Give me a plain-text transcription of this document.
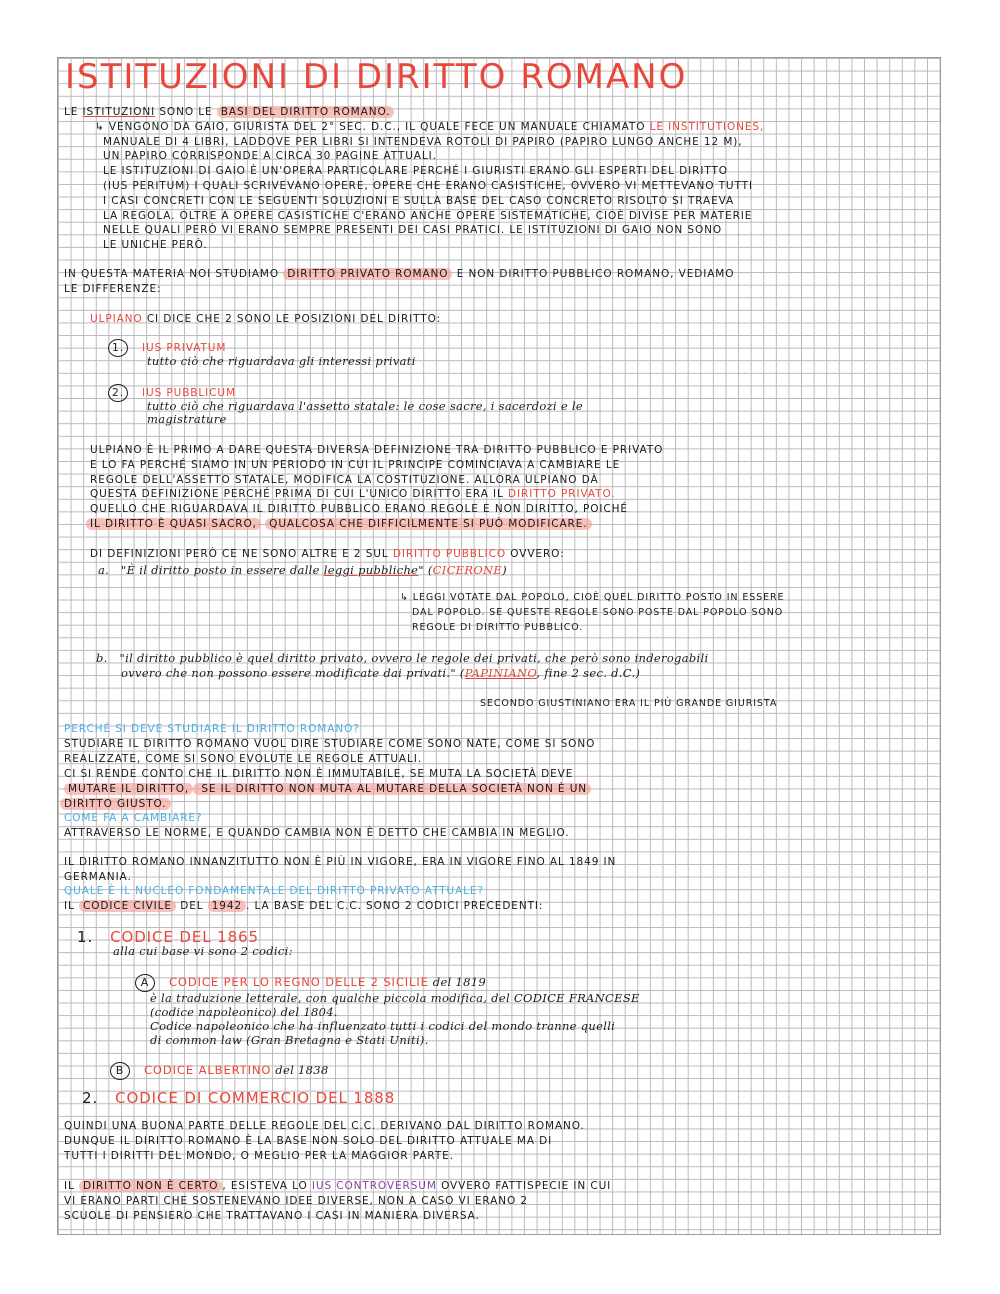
ISTITUZIONI DI DIRITTO ROMANO
LE ISTITUZIONI SONO LE BASI DEL DIRITTO ROMANO.
↳ VENGONO DA GAIO, GIURISTA DEL 2° SEC. D.C., IL QUALE FECE UN MANUALE CHIAMATO LE INSTITUTIONES,
MANUALE DI 4 LIBRI, LADDOVE PER LIBRI SI INTENDEVA ROTOLI DI PAPIRO (PAPIRO LUNGO ANCHE 12 M),
UN PAPIRO CORRISPONDE A CIRCA 30 PAGINE ATTUALI.
LE ISTITUZIONI DI GAIO È UN'OPERA PARTICOLARE PERCHÉ I GIURISTI ERANO GLI ESPERTI DEL DIRITTO
(IUS PERITUM) I QUALI SCRIVEVANO OPERE, OPERE CHE ERANO CASISTICHE, OVVERO VI METTEVANO TUTTI
I CASI CONCRETI CON LE SEGUENTI SOLUZIONI E SULLA BASE DEL CASO CONCRETO RISOLTO SI TRAEVA
LA REGOLA. OLTRE A OPERE CASISTICHE C'ERANO ANCHE OPERE SISTEMATICHE, CIOÈ DIVISE PER MATERIE
NELLE QUALI PERÒ VI ERANO SEMPRE PRESENTI DEI CASI PRATICI. LE ISTITUZIONI DI GAIO NON SONO
LE UNICHE PERÒ.
IN QUESTA MATERIA NOI STUDIAMO DIRITTO PRIVATO ROMANO E NON DIRITTO PUBBLICO ROMANO, VEDIAMO
LE DIFFERENZE:
ULPIANO CI DICE CHE 2 SONO LE POSIZIONI DEL DIRITTO:
1. IUS PRIVATUM
tutto ciò che riguardava gli interessi privati
2. IUS PUBBLICUM
tutto ciò che riguardava l'assetto statale: le cose sacre, i sacerdozi e le
magistrature
ULPIANO È IL PRIMO A DARE QUESTA DIVERSA DEFINIZIONE TRA DIRITTO PUBBLICO E PRIVATO
E LO FA PERCHÉ SIAMO IN UN PERIODO IN CUI IL PRINCIPE COMINCIAVA A CAMBIARE LE
REGOLE DELL'ASSETTO STATALE, MODIFICA LA COSTITUZIONE. ALLORA ULPIANO DÀ
QUESTA DEFINIZIONE PERCHÉ PRIMA DI CUI L'UNICO DIRITTO ERA IL DIRITTO PRIVATO.
QUELLO CHE RIGUARDAVA IL DIRITTO PUBBLICO ERANO REGOLE E NON DIRITTO, POICHÉ
IL DIRITTO È QUASI SACRO, QUALCOSA CHE DIFFICILMENTE SI PUÒ MODIFICARE.
DI DEFINIZIONI PERÒ CE NE SONO ALTRE E 2 SUL DIRITTO PUBBLICO OVVERO:
a. "È il diritto posto in essere dalle leggi pubbliche" (CICERONE)
↳ LEGGI VOTATE DAL POPOLO, CIOÈ QUEL DIRITTO POSTO IN ESSERE
DAL POPOLO. SE QUESTE REGOLE SONO POSTE DAL POPOLO SONO
REGOLE DI DIRITTO PUBBLICO.
b. "il diritto pubblico è quel diritto privato, ovvero le regole dei privati, che però sono inderogabili
ovvero che non possono essere modificate dai privati." (PAPINIANO, fine 2 sec. d.C.)
SECONDO GIUSTINIANO ERA IL PIÙ GRANDE GIURISTA
PERCHÉ SI DEVE STUDIARE IL DIRITTO ROMANO?
STUDIARE IL DIRITTO ROMANO VUOL DIRE STUDIARE COME SONO NATE, COME SI SONO
REALIZZATE, COME SI SONO EVOLUTE LE REGOLE ATTUALI.
CI SI RENDE CONTO CHE IL DIRITTO NON È IMMUTABILE, SE MUTA LA SOCIETÀ DEVE
MUTARE IL DIRITTO, SE IL DIRITTO NON MUTA AL MUTARE DELLA SOCIETÀ NON È UN
DIRITTO GIUSTO.
COME FA A CAMBIARE?
ATTRAVERSO LE NORME, E QUANDO CAMBIA NON È DETTO CHE CAMBIA IN MEGLIO.
IL DIRITTO ROMANO INNANZITUTTO NON È PIÙ IN VIGORE, ERA IN VIGORE FINO AL 1849 IN
GERMANIA.
QUALE È IL NUCLEO FONDAMENTALE DEL DIRITTO PRIVATO ATTUALE?
IL CODICE CIVILE DEL 1942 . LA BASE DEL C.C. SONO 2 CODICI PRECEDENTI:
1. CODICE DEL 1865
alla cui base vi sono 2 codici:
A CODICE PER LO REGNO DELLE 2 SICILIE del 1819
è la traduzione letterale, con qualche piccola modifica, del CODICE FRANCESE
(codice napoleonico) del 1804.
Codice napoleonico che ha influenzato tutti i codici del mondo tranne quelli
di common law (Gran Bretagna e Stati Uniti).
B CODICE ALBERTINO del 1838
2. CODICE DI COMMERCIO DEL 1888
QUINDI UNA BUONA PARTE DELLE REGOLE DEL C.C. DERIVANO DAL DIRITTO ROMANO.
DUNQUE IL DIRITTO ROMANO È LA BASE NON SOLO DEL DIRITTO ATTUALE MA DI
TUTTI I DIRITTI DEL MONDO, O MEGLIO PER LA MAGGIOR PARTE.
IL DIRITTO NON È CERTO , ESISTEVA LO IUS CONTROVERSUM OVVERO FATTISPECIE IN CUI
VI ERANO PARTI CHE SOSTENEVANO IDEE DIVERSE, NON A CASO VI ERANO 2
SCUOLE DI PENSIERO CHE TRATTAVANO I CASI IN MANIERA DIVERSA.
